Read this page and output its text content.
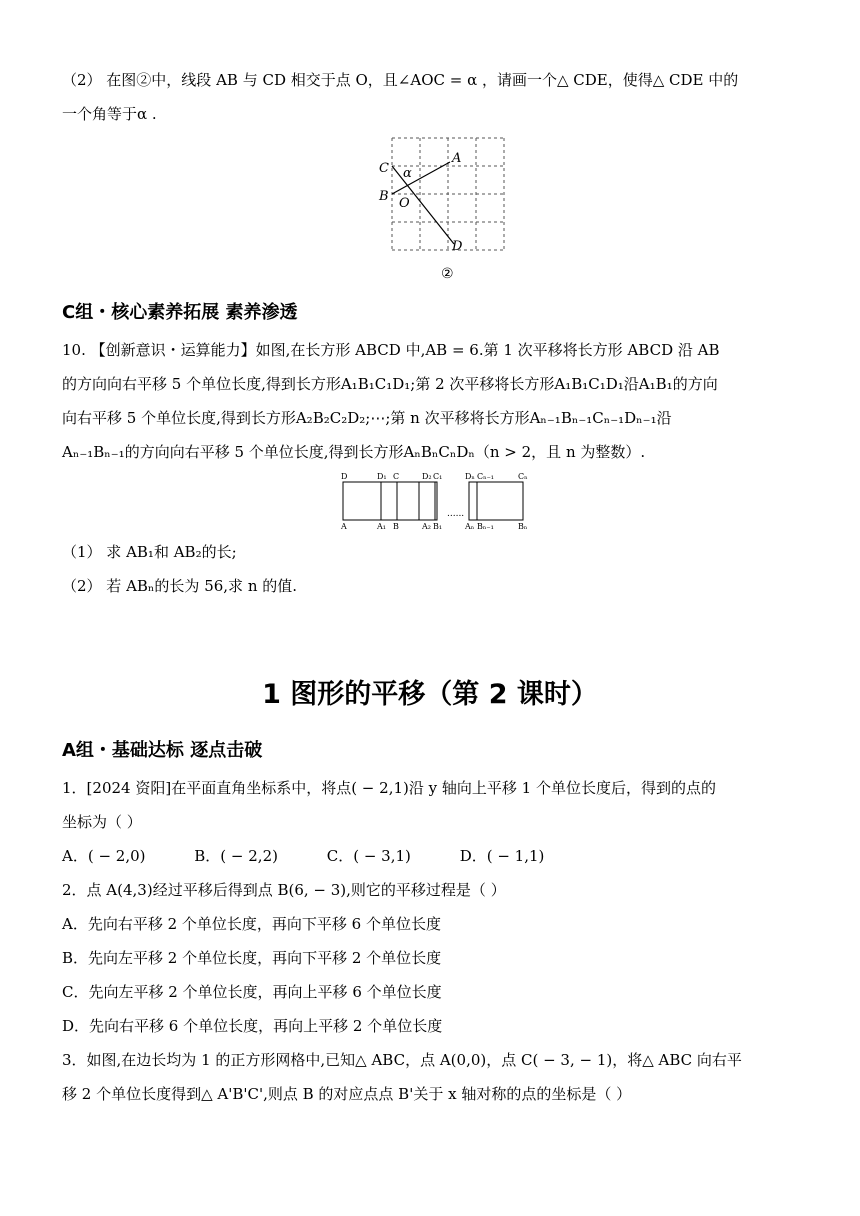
（2） 在图②中，线段 AB 与 CD 相交于点 O，且∠AOC = α ，请画一个△ CDE，使得△ CDE 中的
一个角等于α .
C
A
α
B O
D
②
C组・核心素养拓展 素养渗透
10. 【创新意识・运算能力】如图,在长方形 ABCD 中,AB = 6.第 1 次平移将长方形 ABCD 沿 AB
的方向向右平移 5 个单位长度,得到长方形A₁B₁C₁D₁;第 2 次平移将长方形A₁B₁C₁D₁沿A₁B₁的方向
向右平移 5 个单位长度,得到长方形A₂B₂C₂D₂;⋯;第 n 次平移将长方形Aₙ₋₁Bₙ₋₁Cₙ₋₁Dₙ₋₁沿
Aₙ₋₁Bₙ₋₁的方向向右平移 5 个单位长度,得到长方形AₙBₙCₙDₙ（n > 2，且 n 为整数）.
......
D	D₁ C	D₂ C₁	Dₙ Cₙ₋₁	Cₙ
A	A₁ B	A₂ B₁	Aₙ Bₙ₋₁	Bₙ
（1） 求 AB₁和 AB₂的长;
（2） 若 ABₙ的长为 56,求 n 的值.
1 图形的平移（第 2 课时）
A组・基础达标 逐点击破
1．[2024 资阳]在平面直角坐标系中，将点( − 2,1)沿 y 轴向上平移 1 个单位长度后，得到的点的
坐标为（ ）
A．( − 2,0)	B．( − 2,2)	C．( − 3,1)	D．( − 1,1)
2．点 A(4,3)经过平移后得到点 B(6, − 3),则它的平移过程是（ ）
A．先向右平移 2 个单位长度，再向下平移 6 个单位长度
B．先向左平移 2 个单位长度，再向下平移 2 个单位长度
C．先向左平移 2 个单位长度，再向上平移 6 个单位长度
D．先向右平移 6 个单位长度，再向上平移 2 个单位长度
3．如图,在边长均为 1 的正方形网格中,已知△ ABC，点 A(0,0)，点 C( − 3, − 1)，将△ ABC 向右平
移 2 个单位长度得到△ A'B'C',则点 B 的对应点点 B'关于 x 轴对称的点的坐标是（ ）
